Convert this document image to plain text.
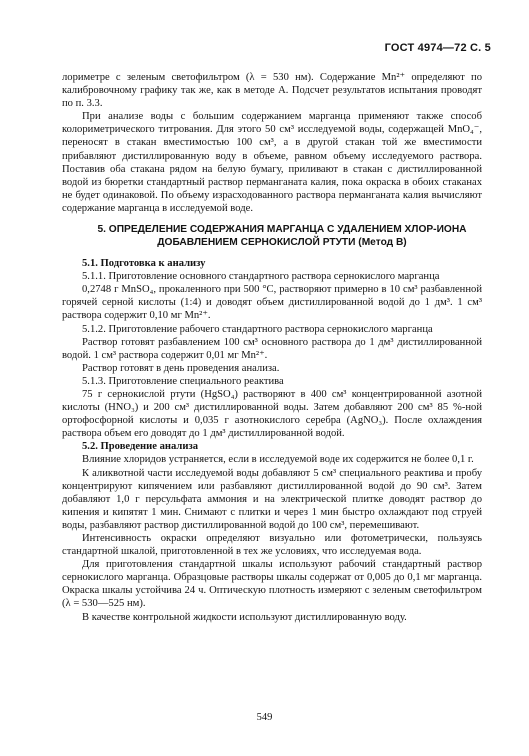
ГОСТ 4974—72 С. 5

лориметре с зеленым светофильтром (λ = 530 нм). Содержание Mn²⁺ определяют по калибровочному графику так же, как в методе А. Подсчет результатов испытания проводят по п. 3.3.

При анализе воды с большим содержанием марганца применяют также способ колориметрического титрования. Для этого 50 см³ исследуемой воды, содержащей MnO₄⁻, переносят в стакан вместимостью 100 см³, а в другой стакан той же вместимости прибавляют дистиллированную воду в объеме, равном объему исследуемого раствора. Поставив оба стакана рядом на белую бумагу, приливают в стакан с дистиллированной водой из бюретки стандартный раствор перманганата калия, пока окраска в обоих стаканах не будет одинаковой. По объему израсходованного раствора перманганата калия вычисляют содержание марганца в исследуемой воде.

5. ОПРЕДЕЛЕНИЕ СОДЕРЖАНИЯ МАРГАНЦА С УДАЛЕНИЕМ ХЛОР-ИОНА

ДОБАВЛЕНИЕМ СЕРНОКИСЛОЙ РТУТИ (Метод В)

5.1. Подготовка к анализу

5.1.1. Приготовление основного стандартного раствора сернокислого марганца

0,2748 г MnSO₄, прокаленного при 500 °С, растворяют примерно в 10 см³ разбавленной горячей серной кислоты (1:4) и доводят объем дистиллированной водой до 1 дм³. 1 см³ раствора содержит 0,10 мг Mn²⁺.

5.1.2. Приготовление рабочего стандартного раствора сернокислого марганца

Раствор готовят разбавлением 100 см³ основного раствора до 1 дм³ дистиллированной водой. 1 см³ раствора содержит 0,01 мг Mn²⁺.

Раствор готовят в день проведения анализа.

5.1.3. Приготовление специального реактива

75 г сернокислой ртути (HgSO₄) растворяют в 400 см³ концентрированной азотной кислоты (HNO₃) и 200 см³ дистиллированной воды. Затем добавляют 200 см³ 85 %-ной ортофосфорной кислоты и 0,035 г азотнокислого серебра (AgNO₃). После охлаждения раствора объем его доводят до 1 дм³ дистиллированной водой.

5.2. Проведение анализа

Влияние хлоридов устраняется, если в исследуемой воде их содержится не более 0,1 г.

К аликвотной части исследуемой воды добавляют 5 см³ специального реактива и пробу концентрируют кипячением или разбавляют дистиллированной водой до 90 см³. Затем добавляют 1,0 г персульфата аммония и на электрической плитке доводят раствор до кипения и кипятят 1 мин. Снимают с плитки и через 1 мин быстро охлаждают под струей воды, разбавляют раствор дистиллированной водой до 100 см³, перемешивают.

Интенсивность окраски определяют визуально или фотометрически, пользуясь стандартной шкалой, приготовленной в тех же условиях, что исследуемая вода.

Для приготовления стандартной шкалы используют рабочий стандартный раствор сернокислого марганца. Образцовые растворы шкалы содержат от 0,005 до 0,1 мг марганца. Окраска шкалы устойчива 24 ч. Оптическую плотность измеряют с зеленым светофильтром (λ = 530—525 нм).

В качестве контрольной жидкости используют дистиллированную воду.

549
